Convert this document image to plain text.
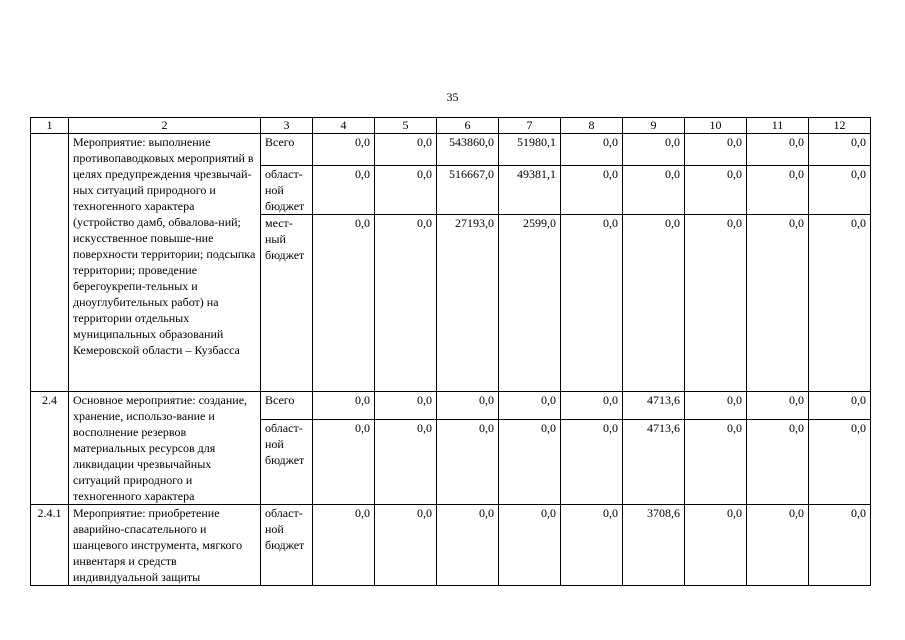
35
1	2	3	4	5	6	7	8	9	10	11	12
	Мероприятие: выполнение противопаводковых мероприятий в целях предупреждения чрезвычай-ных ситуаций природного и техногенного характера (устройство дамб, обвалова-ний; искусственное повыше-ние поверхности территории; подсыпка территории; проведение берегоукрепи-тельных и дноуглубительных работ) на территории отдельных муниципальных образований Кемеровской области – Кузбасса	Всего	0,0	0,0	543860,0	51980,1	0,0	0,0	0,0	0,0	0,0
		област-ной бюджет	0,0	0,0	516667,0	49381,1	0,0	0,0	0,0	0,0	0,0
		мест-ный бюджет	0,0	0,0	27193,0	2599,0	0,0	0,0	0,0	0,0	0,0
2.4	Основное мероприятие: создание, хранение, использо-вание и восполнение резервов материальных ресурсов для ликвидации чрезвычайных ситуаций природного и техногенного характера	Всего	0,0	0,0	0,0	0,0	0,0	4713,6	0,0	0,0	0,0
		област-ной бюджет	0,0	0,0	0,0	0,0	0,0	4713,6	0,0	0,0	0,0
2.4.1	Мероприятие: приобретение аварийно-спасательного и шанцевого инструмента, мягкого инвентаря и средств индивидуальной защиты	област-ной бюджет	0,0	0,0	0,0	0,0	0,0	3708,6	0,0	0,0	0,0
